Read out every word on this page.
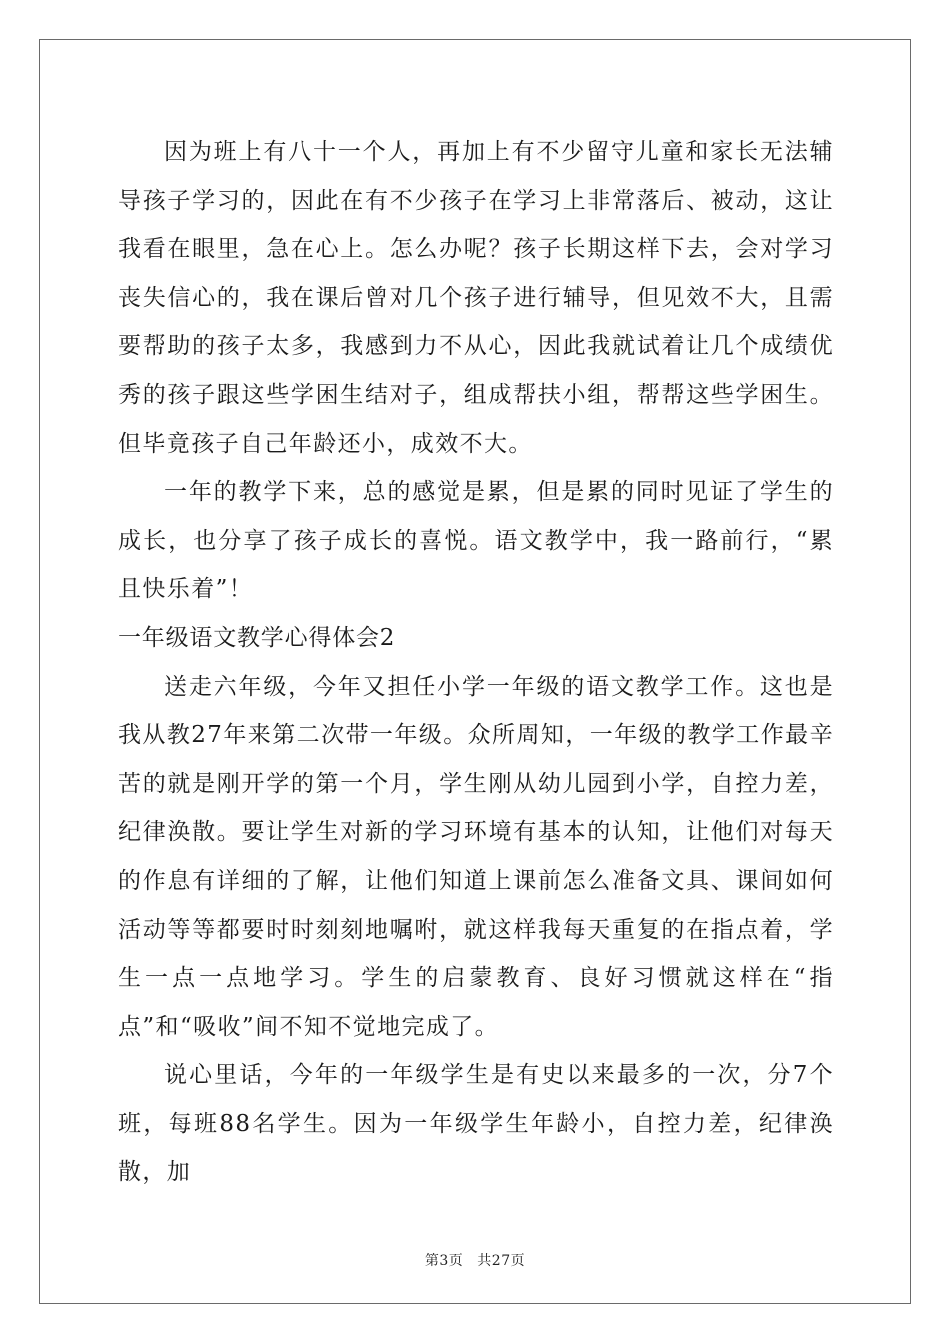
因为班上有八十一个人，再加上有不少留守儿童和家长无法辅导孩子学习的，因此在有不少孩子在学习上非常落后、被动，这让我看在眼里，急在心上。怎么办呢？孩子长期这样下去，会对学习丧失信心的，我在课后曾对几个孩子进行辅导，但见效不大，且需要帮助的孩子太多，我感到力不从心，因此我就试着让几个成绩优秀的孩子跟这些学困生结对子，组成帮扶小组，帮帮这些学困生。但毕竟孩子自己年龄还小，成效不大。

一年的教学下来，总的感觉是累，但是累的同时见证了学生的成长，也分享了孩子成长的喜悦。语文教学中，我一路前行，“累且快乐着”！

一年级语文教学心得体会2

送走六年级，今年又担任小学一年级的语文教学工作。这也是我从教27年来第二次带一年级。众所周知，一年级的教学工作最辛苦的就是刚开学的第一个月，学生刚从幼儿园到小学，自控力差，纪律涣散。要让学生对新的学习环境有基本的认知，让他们对每天的作息有详细的了解，让他们知道上课前怎么准备文具、课间如何活动等等都要时时刻刻地嘱咐，就这样我每天重复的在指点着，学生一点一点地学习。学生的启蒙教育、良好习惯就这样在“指点”和“吸收”间不知不觉地完成了。

说心里话，今年的一年级学生是有史以来最多的一次，分7个班，每班88名学生。因为一年级学生年龄小，自控力差，纪律涣散，加

第3页 共27页
